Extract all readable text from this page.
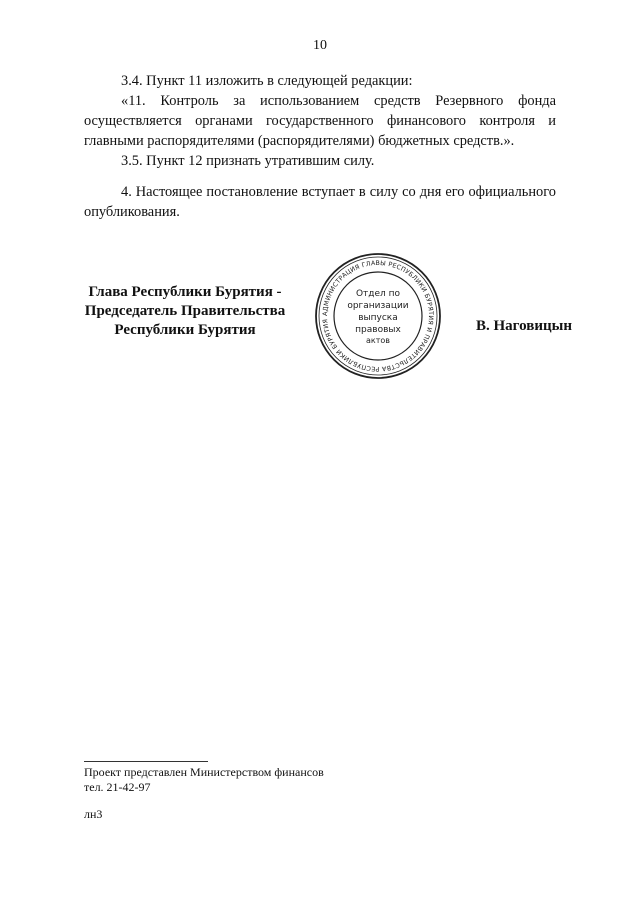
10

3.4. Пункт 11 изложить в следующей редакции:

«11. Контроль за использованием средств Резервного фонда осуществляется органами государственного финансового контроля и главными распорядителями (распорядителями) бюджетных средств.».

3.5. Пункт 12 признать утратившим силу.

4. Настоящее постановление вступает в силу со дня его официального опубликования.

Глава Республики Бурятия -
Председатель Правительства
Республики Бурятия
АДМИНИСТРАЦИЯ ГЛАВЫ РЕСПУБЛИКИ БУРЯТИЯ И ПРАВИТЕЛЬСТВА РЕСПУБЛИКИ БУРЯТИЯ
Отдел по
организации
выпуска
правовых
актов
В. Наговицын
Проект представлен Министерством финансов
тел. 21-42-97
лн3
